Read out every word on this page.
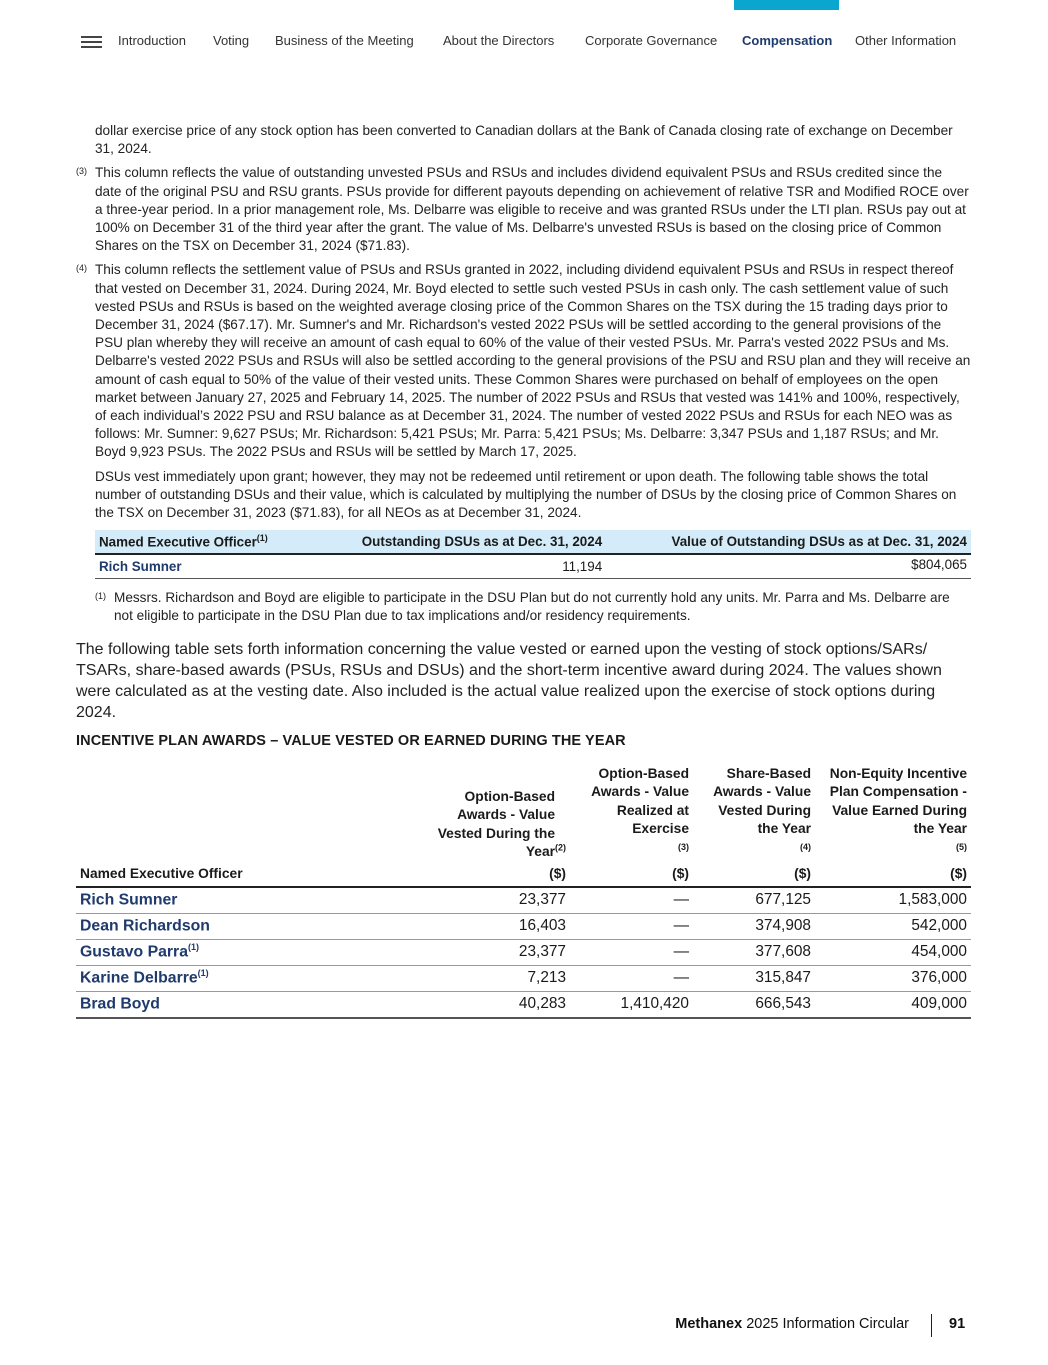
Introduction Voting Business of the Meeting About the Directors Corporate Governance Compensation Other Information

dollar exercise price of any stock option has been converted to Canadian dollars at the Bank of Canada closing rate of exchange on December 31, 2024.

(3) This column reflects the value of outstanding unvested PSUs and RSUs and includes dividend equivalent PSUs and RSUs credited since the date of the original PSU and RSU grants. PSUs provide for different payouts depending on achievement of relative TSR and Modified ROCE over a three-year period. In a prior management role, Ms. Delbarre was eligible to receive and was granted RSUs under the LTI plan. RSUs pay out at 100% on December 31 of the third year after the grant. The value of Ms. Delbarre's unvested RSUs is based on the closing price of Common Shares on the TSX on December 31, 2024 ($71.83).

(4) This column reflects the settlement value of PSUs and RSUs granted in 2022, including dividend equivalent PSUs and RSUs in respect thereof that vested on December 31, 2024. During 2024, Mr. Boyd elected to settle such vested PSUs in cash only. The cash settlement value of such vested PSUs and RSUs is based on the weighted average closing price of the Common Shares on the TSX during the 15 trading days prior to December 31, 2024 ($67.17). Mr. Sumner's and Mr. Richardson's vested 2022 PSUs will be settled according to the general provisions of the PSU plan whereby they will receive an amount of cash equal to 60% of the value of their vested PSUs. Mr. Parra's vested 2022 PSUs and Ms. Delbarre's vested 2022 PSUs and RSUs will also be settled according to the general provisions of the PSU and RSU plan and they will receive an amount of cash equal to 50% of the value of their vested units. These Common Shares were purchased on behalf of employees on the open market between January 27, 2025 and February 14, 2025. The number of 2022 PSUs and RSUs that vested was 141% and 100%, respectively, of each individual’s 2022 PSU and RSU balance as at December 31, 2024. The number of vested 2022 PSUs and RSUs for each NEO was as follows: Mr. Sumner: 9,627 PSUs; Mr. Richardson: 5,421 PSUs; Mr. Parra: 5,421 PSUs; Ms. Delbarre: 3,347 PSUs and 1,187 RSUs; and Mr. Boyd 9,923 PSUs. The 2022 PSUs and RSUs will be settled by March 17, 2025.

DSUs vest immediately upon grant; however, they may not be redeemed until retirement or upon death. The following table shows the total number of outstanding DSUs and their value, which is calculated by multiplying the number of DSUs by the closing price of Common Shares on the TSX on December 31, 2023 ($71.83), for all NEOs as at December 31, 2024.

Named Executive Officer$^{(1)}$	Outstanding DSUs as at Dec. 31, 2024	Value of Outstanding DSUs as at Dec. 31, 2024
Rich Sumner	11,194	$804,065

(1) Messrs. Richardson and Boyd are eligible to participate in the DSU Plan but do not currently hold any units. Mr. Parra and Ms. Delbarre are not eligible to participate in the DSU Plan due to tax implications and/or residency requirements.

The following table sets forth information concerning the value vested or earned upon the vesting of stock options/SARs/ TSARs, share-based awards (PSUs, RSUs and DSUs) and the short-term incentive award during 2024. The values shown were calculated as at the vesting date. Also included is the actual value realized upon the exercise of stock options during 2024.

INCENTIVE PLAN AWARDS – VALUE VESTED OR EARNED DURING THE YEAR
	Option-Based Awards - Value Vested During the Year$^{(2)}$	Option-Based Awards - Value Realized at Exercise$^{(3)}$	Share-Based Awards - Value Vested During the Year$^{(4)}$	Non-Equity Incentive Plan Compensation - Value Earned During the Year$^{(5)}$
Named Executive Officer	($)	($)	($)	($)
Rich Sumner	23,377	—	677,125	1,583,000
Dean Richardson	16,403	—	374,908	542,000
Gustavo Parra$^{(1)}$	23,377	—	377,608	454,000
Karine Delbarre$^{(1)}$	7,213	—	315,847	376,000
Brad Boyd	40,283	1,410,420	666,543	409,000
Methanex 2025 Information Circular	91
